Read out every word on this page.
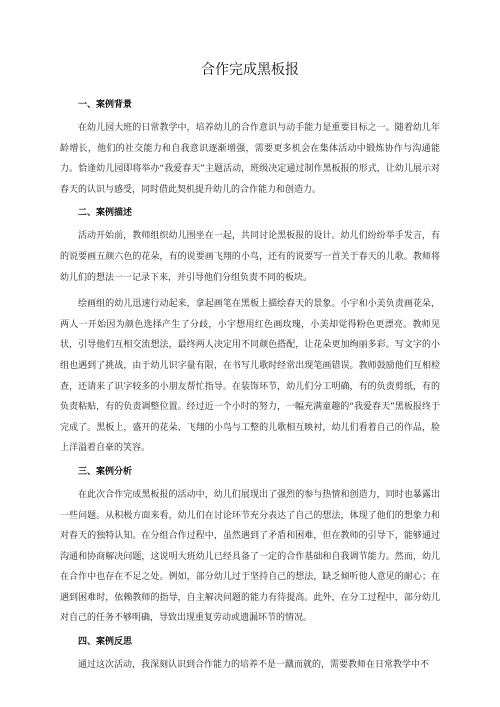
合作完成黑板报
一、案例背景

在幼儿园大班的日常教学中，培养幼儿的合作意识与动手能力是重要目标之一。随着幼儿年龄增长，他们的社交能力和自我意识逐渐增强，需要更多机会在集体活动中锻炼协作与沟通能力。恰逢幼儿园即将举办“我爱春天”主题活动，班级决定通过制作黑板报的形式，让幼儿展示对春天的认识与感受，同时借此契机提升幼儿的合作能力和创造力。

二、案例描述

活动开始前，教师组织幼儿围坐在一起，共同讨论黑板报的设计。幼儿们纷纷举手发言，有的说要画五颜六色的花朵，有的说要画飞翔的小鸟，还有的说要写一首关于春天的儿歌。教师将幼儿们的想法一一记录下来，并引导他们分组负责不同的板块。

绘画组的幼儿迅速行动起来，拿起画笔在黑板上描绘春天的景象。小宇和小美负责画花朵，两人一开始因为颜色选择产生了分歧，小宇想用红色画玫瑰，小美却觉得粉色更漂亮。教师见状，引导他们互相交流想法，最终两人决定用不同颜色搭配，让花朵更加绚丽多彩。写文字的小组也遇到了挑战，由于幼儿识字量有限，在书写儿歌时经常出现笔画错误。教师鼓励他们互相检查，还请来了识字较多的小朋友帮忙指导。在装饰环节，幼儿们分工明确，有的负责剪纸，有的负责粘贴，有的负责调整位置。经过近一个小时的努力，一幅充满童趣的“我爱春天”黑板报终于完成了。黑板上，盛开的花朵、飞翔的小鸟与工整的儿歌相互映衬，幼儿们看着自己的作品，脸上洋溢着自豪的笑容。

三、案例分析

在此次合作完成黑板报的活动中，幼儿们展现出了强烈的参与热情和创造力，同时也暴露出一些问题。从积极方面来看，幼儿们在讨论环节充分表达了自己的想法，体现了他们的想象力和对春天的独特认知。在分组合作过程中，虽然遇到了矛盾和困难，但在教师的引导下，能够通过沟通和协商解决问题，这说明大班幼儿已经具备了一定的合作基础和自我调节能力。然而，幼儿在合作中也存在不足之处。例如，部分幼儿过于坚持自己的想法，缺乏倾听他人意见的耐心；在遇到困难时，依赖教师的指导，自主解决问题的能力有待提高。此外，在分工过程中，部分幼儿对自己的任务不够明确，导致出现重复劳动或遗漏环节的情况。

四、案例反思

通过这次活动，我深刻认识到合作能力的培养不是一蹴而就的，需要教师在日常教学中不
